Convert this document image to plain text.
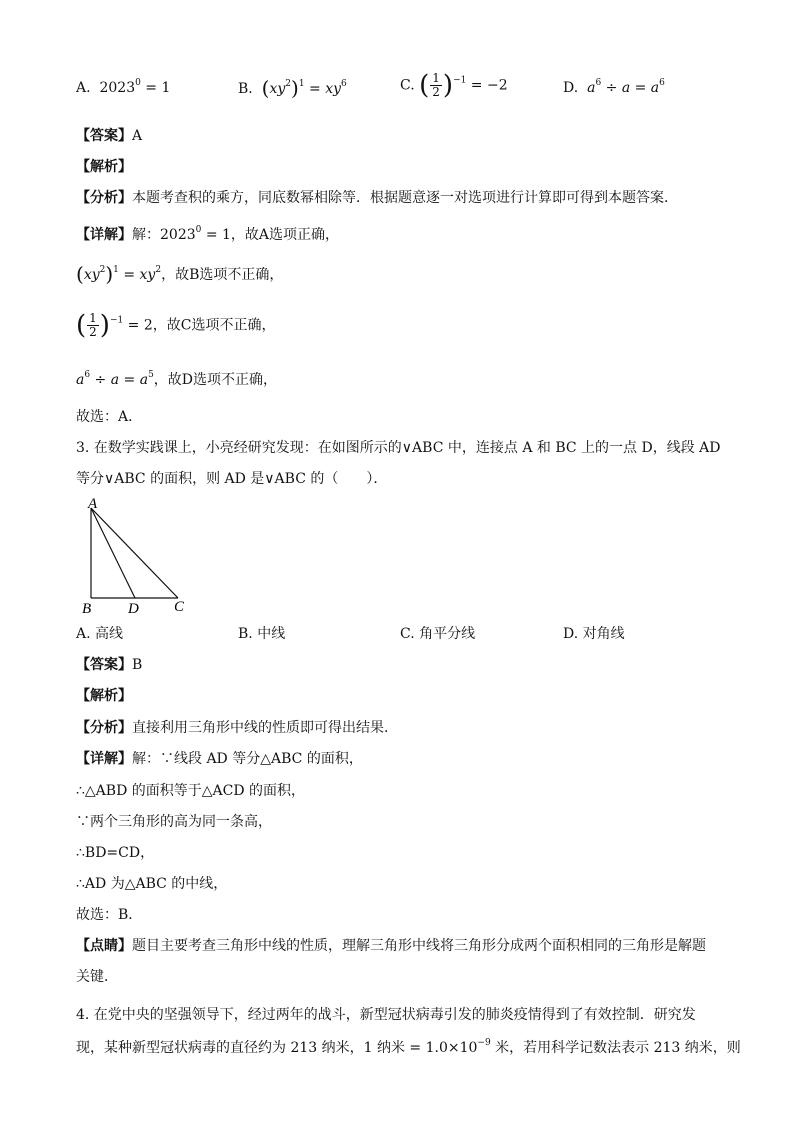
A. $2023^0 = 1$	B. $(xy^2)^1 = xy^6$	C. ( $\frac{1}{2} )^{-1} = -2$	D. $a^6 \div a = a^6$
【答案】A
【解析】
【分析】本题考查积的乘方，同底数幂相除等．根据题意逐一对选项进行计算即可得到本题答案．
【详解】解：$2023^0 = 1$，故A选项正确，
$(xy^2)^1 = xy^2$，故B选项不正确，
( $\frac{1}{2} )^{-1} = 2$，故C选项不正确，
$a^6 \div a = a^5$，故D选项不正确，
故选：A．
3. 在数学实践课上，小亮经研究发现：在如图所示的∨ABC 中，连接点 A 和 BC 上的一点 D，线段 AD
等分∨ABC 的面积，则 AD 是∨ABC 的（　　）．
A
B D C
A. 高线	B. 中线	C. 角平分线	D. 对角线
【答案】B
【解析】
【分析】直接利用三角形中线的性质即可得出结果．
【详解】解：∵线段 AD 等分△ABC 的面积，
∴△ABD 的面积等于△ACD 的面积，
∵两个三角形的高为同一条高，
∴BD=CD，
∴AD 为△ABC 的中线，
故选：B．
【点睛】题目主要考查三角形中线的性质，理解三角形中线将三角形分成两个面积相同的三角形是解题
关键．
4. 在党中央的坚强领导下，经过两年的战斗，新型冠状病毒引发的肺炎疫情得到了有效控制．研究发
现，某种新型冠状病毒的直径约为 213 纳米，1 纳米 = $1.0\times 10^{-9}$ 米，若用科学记数法表示 213 纳米，则
